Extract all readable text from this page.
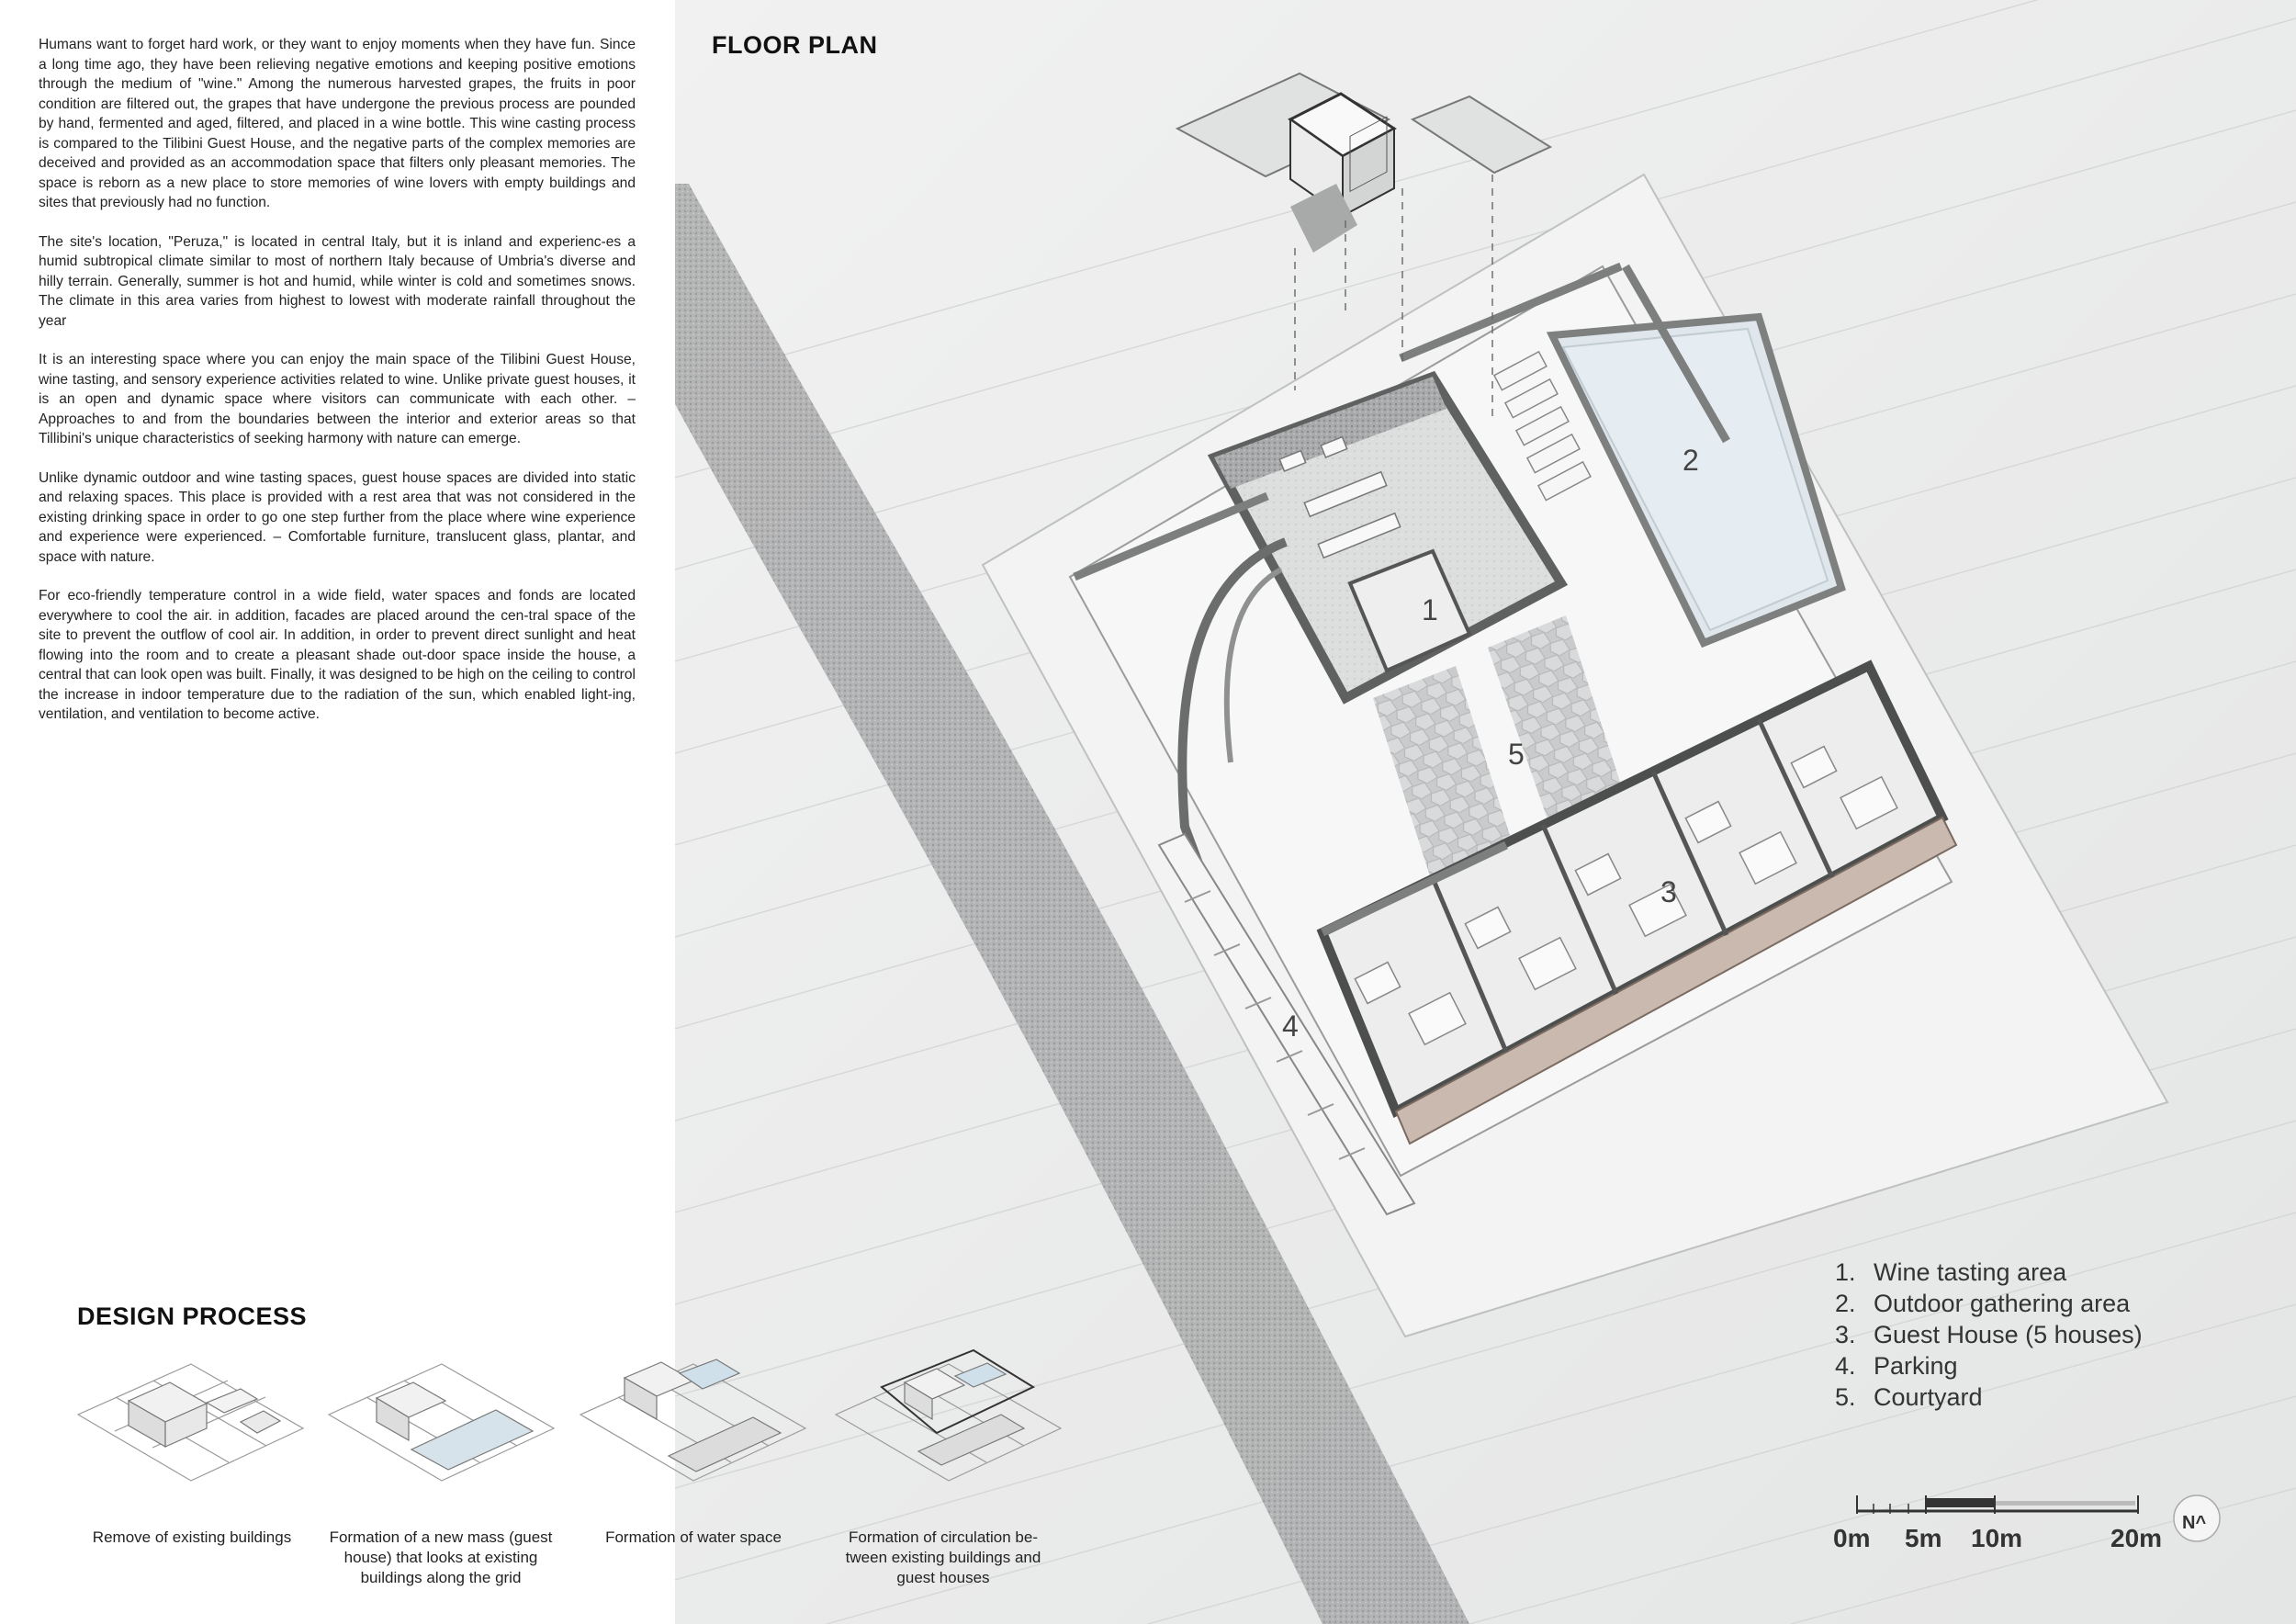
1
2
3
4
5
0m 5m 10m	20m
N^

Humans want to forget hard work, or they want to enjoy moments when they have fun. Since a long time ago, they have been relieving negative emotions and keeping positive emotions through the medium of "wine." Among the numerous harvested grapes, the fruits in poor condition are filtered out, the grapes that have undergone the previous process are pounded by hand, fermented and aged, filtered, and placed in a wine bottle. This wine casting process is compared to the Tilibini Guest House, and the negative parts of the complex memories are deceived and provided as an accommodation space that filters only pleasant memories. The space is reborn as a new place to store memories of wine lovers with empty buildings and sites that previously had no function.

The site's location, "Peruza," is located in central Italy, but it is inland and experienc-es a humid subtropical climate similar to most of northern Italy because of Umbria's diverse and hilly terrain. Generally, summer is hot and humid, while winter is cold and sometimes snows. The climate in this area varies from highest to lowest with moderate rainfall throughout the year

It is an interesting space where you can enjoy the main space of the Tilibini Guest House, wine tasting, and sensory experience activities related to wine. Unlike private guest houses, it is an open and dynamic space where visitors can communicate with each other. – Approaches to and from the boundaries between the interior and exterior areas so that Tillibini's unique characteristics of seeking harmony with nature can emerge.

Unlike dynamic outdoor and wine tasting spaces, guest house spaces are divided into static and relaxing spaces. This place is provided with a rest area that was not considered in the existing drinking space in order to go one step further from the place where wine experience and experience were experienced. – Comfortable furniture, translucent glass, plantar, and space with nature.

For eco-friendly temperature control in a wide field, water spaces and fonds are located everywhere to cool the air. in addition, facades are placed around the cen-tral space of the site to prevent the outflow of cool air. In addition, in order to prevent direct sunlight and heat flowing into the room and to create a pleasant shade out-door space inside the house, a central that can look open was built. Finally, it was designed to be high on the ceiling to control the increase in indoor temperature due to the radiation of the sun, which enabled light-ing, ventilation, and ventilation to become active.

FLOOR PLAN
DESIGN PROCESS
1. Wine tasting area
2. Outdoor gathering area
3. Guest House (5 houses)
4. Parking
5. Courtyard
Remove of existing buildings	Formation of a new mass (guest house) that looks at existing buildings along the grid
Formation of water space	Formation of circulation be-tween existing buildings and guest houses
